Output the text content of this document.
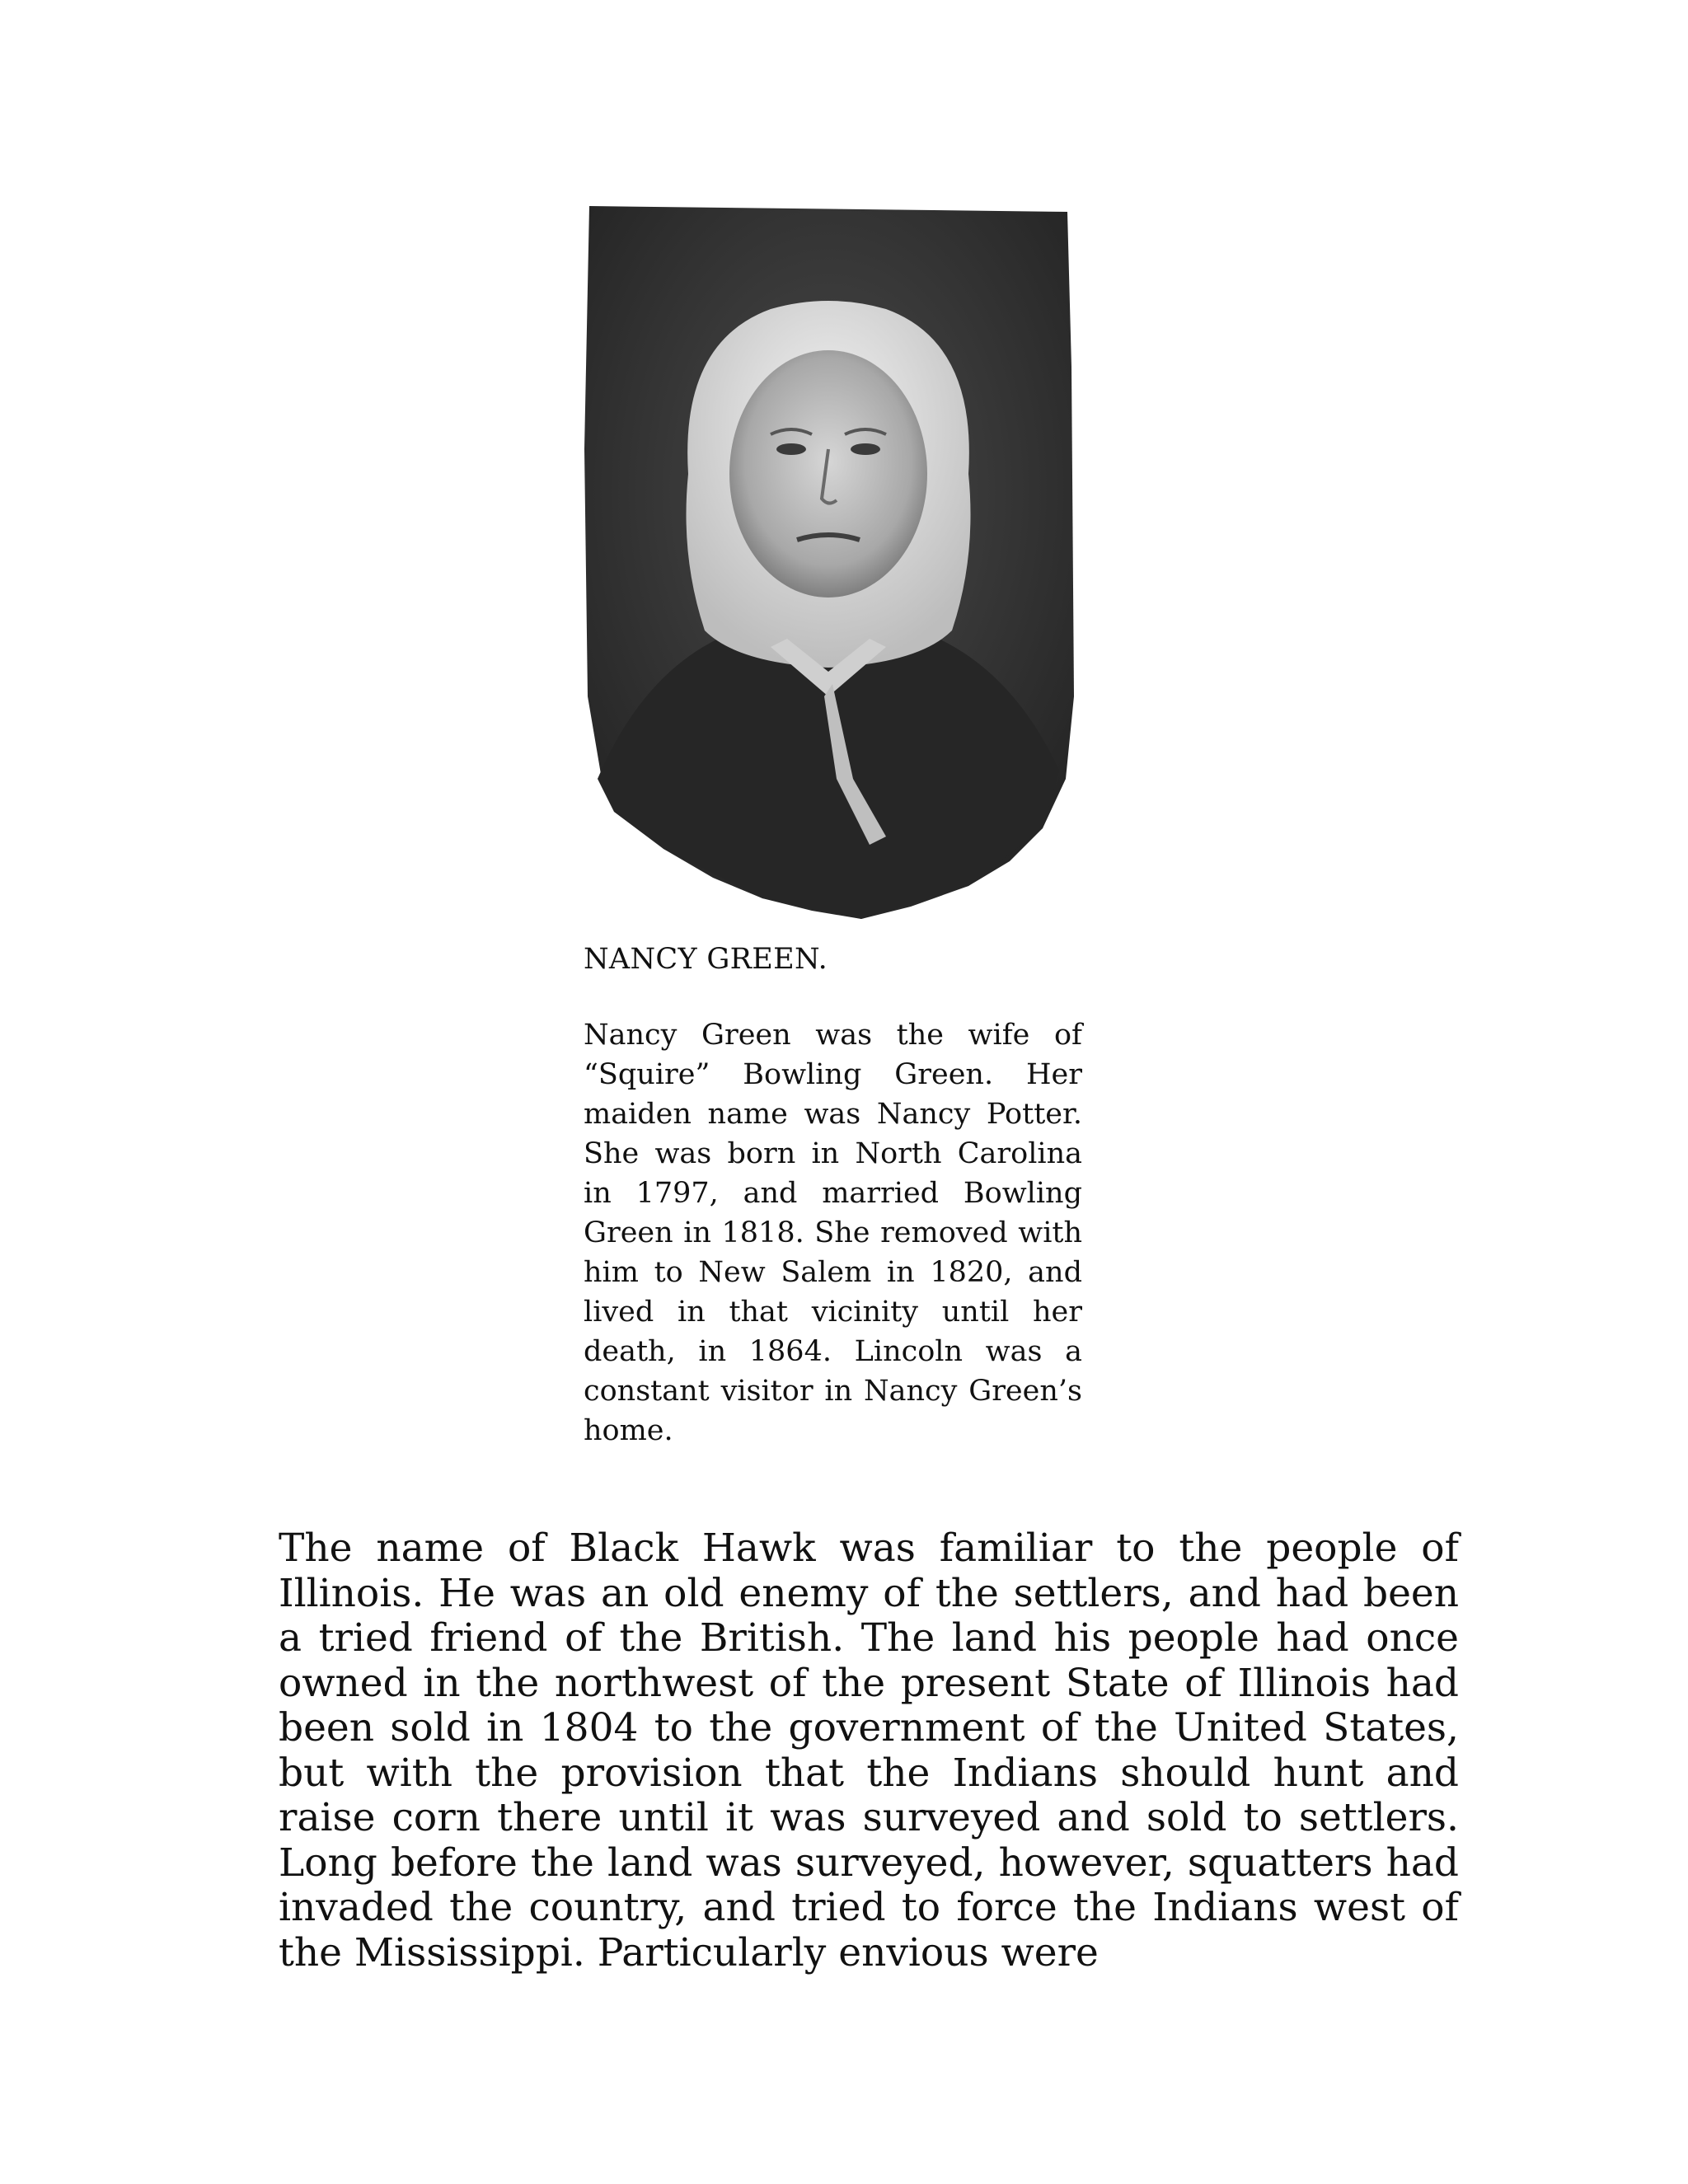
NANCY GREEN.

Nancy Green was the wife of “Squire” Bowling Green. Her maiden name was Nancy Potter. She was born in North Carolina in 1797, and married Bowling Green in 1818. She removed with him to New Salem in 1820, and lived in that vicinity until her death, in 1864. Lincoln was a constant visitor in Nancy Green’s home.

The name of Black Hawk was familiar to the people of Illinois. He was an old enemy of the settlers, and had been a tried friend of the British. The land his people had once owned in the northwest of the present State of Illinois had been sold in 1804 to the government of the United States, but with the provision that the Indians should hunt and raise corn there until it was surveyed and sold to settlers. Long before the land was surveyed, however, squatters had invaded the country, and tried to force the Indians west of the Mississippi. Particularly envious were
